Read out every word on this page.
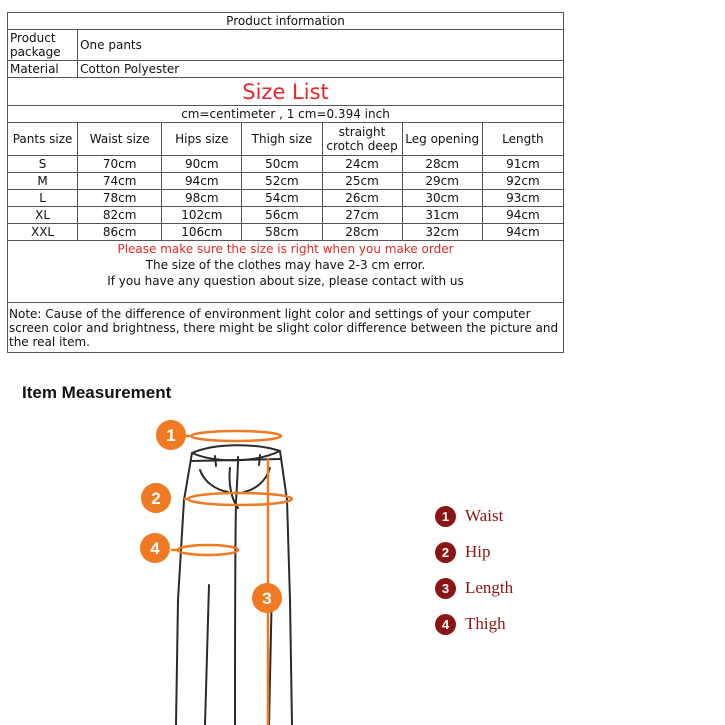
Product information						
Product package	One pants					
Material	Cotton Polyester					
Size List						
cm=centimeter , 1 cm=0.394 inch						
Pants size	Waist size	Hips size	Thigh size	straight crotch deep	Leg opening	Length
S	70cm	90cm	50cm	24cm	28cm	91cm
M	74cm	94cm	52cm	25cm	29cm	92cm
L	78cm	98cm	54cm	26cm	30cm	93cm
XL	82cm	102cm	56cm	27cm	31cm	94cm
XXL	86cm	106cm	58cm	28cm	32cm	94cm

Please make sure the size is right when you make order
The size of the clothes may have 2-3 cm error.
If you have any question about size, please contact with us						

Note: Cause of the difference of environment light color and settings of your computer screen color and brightness, there might be slight color difference between the picture and the real item.						
Item Measurement
1
2
3
4
1 Waist
2 Hip
3 Length
4 Thigh
